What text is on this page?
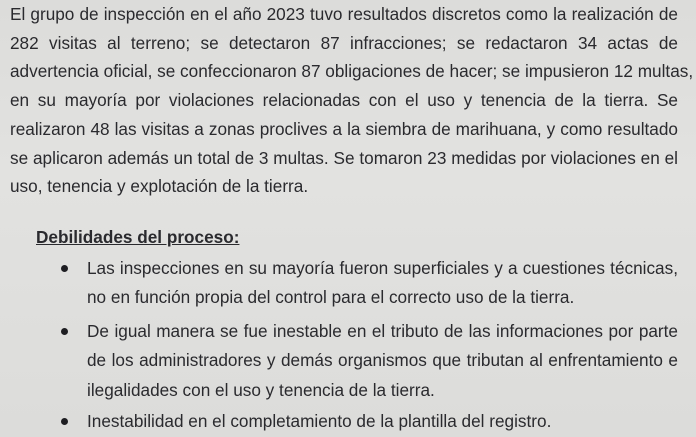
El grupo de inspección en el año 2023 tuvo resultados discretos como la realización de

282 visitas al terreno; se detectaron 87 infracciones; se redactaron 34 actas de

advertencia oficial, se confeccionaron 87 obligaciones de hacer; se impusieron 12 multas,

en su mayoría por violaciones relacionadas con el uso y tenencia de la tierra. Se

realizaron 48 las visitas a zonas proclives a la siembra de marihuana, y como resultado

se aplicaron además un total de 3 multas. Se tomaron 23 medidas por violaciones en el

uso, tenencia y explotación de la tierra.

Debilidades del proceso:

Las inspecciones en su mayoría fueron superficiales y a cuestiones técnicas,

no en función propia del control para el correcto uso de la tierra.

De igual manera se fue inestable en el tributo de las informaciones por parte

de los administradores y demás organismos que tributan al enfrentamiento e

ilegalidades con el uso y tenencia de la tierra.

Inestabilidad en el completamiento de la plantilla del registro.
